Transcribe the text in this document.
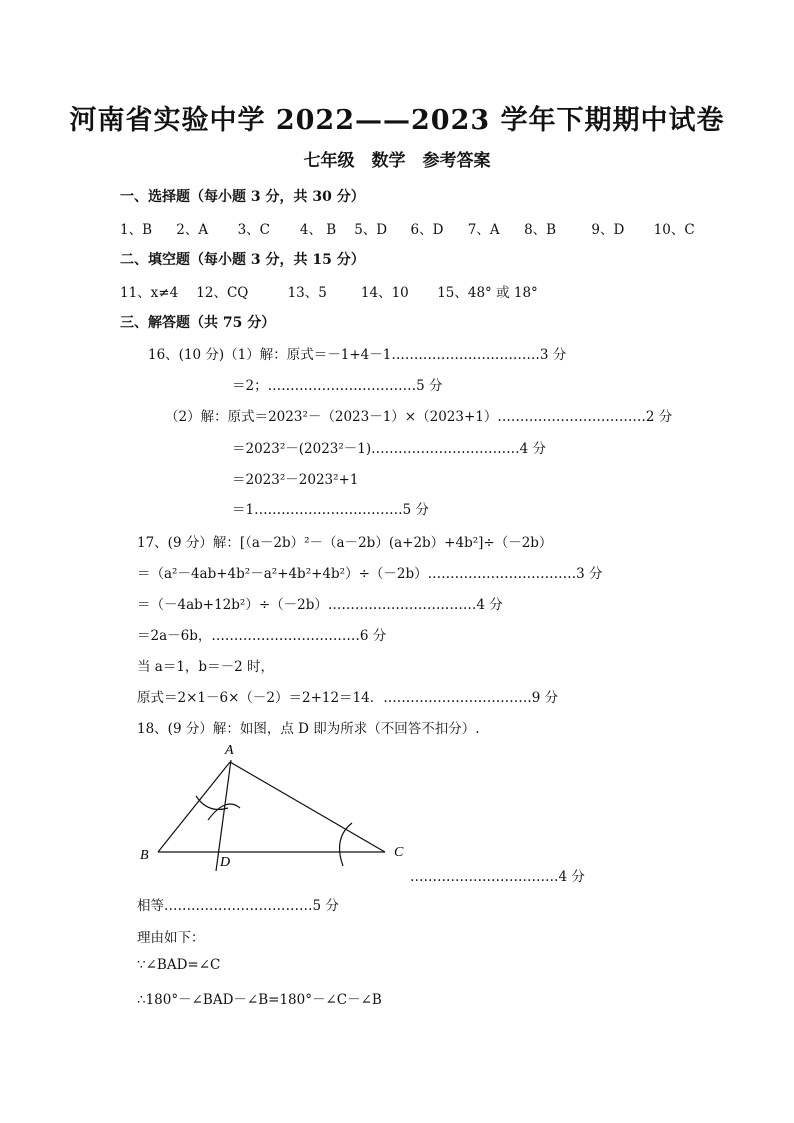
河南省实验中学 2022——2023 学年下期期中试卷
七年级　数学　参考答案
一、选择题（每小题 3 分，共 30 分）
1、B 2、A 3、C 4、 B 5、D 6、D 7、A 8、B	9、D 10、C
二、填空题（每小题 3 分，共 15 分）
11、x≠4 12、CQ	13、5	14、10 15、48° 或 18°
三、解答题（共 75 分）
16、(10 分)（1）解：原式＝－1+4－1……………………………3 分
＝2；……………………………5 分
（2）解：原式＝2023²－（2023－1）×（2023+1）……………………………2 分
＝2023²－(2023²－1)……………………………4 分
＝2023²－2023²+1
＝1……………………………5 分
17、(9 分）解：[（a－2b）²－（a－2b）(a+2b）+4b²]÷（－2b）
＝（a²－4ab+4b²－a²+4b²+4b²）÷（－2b）……………………………3 分
＝（－4ab+12b²）÷（－2b）……………………………4 分
＝2a－6b，……………………………6 分
当 a＝1，b＝－2 时，
原式＝2×1－6×（－2）＝2+12＝14．……………………………9 分
18、(9 分）解：如图，点 D 即为所求（不回答不扣分）.
A
B	C
D
……………………………4 分
相等……………………………5 分
理由如下：
∵∠BAD=∠C
∴180°－∠BAD－∠B=180°－∠C－∠B
